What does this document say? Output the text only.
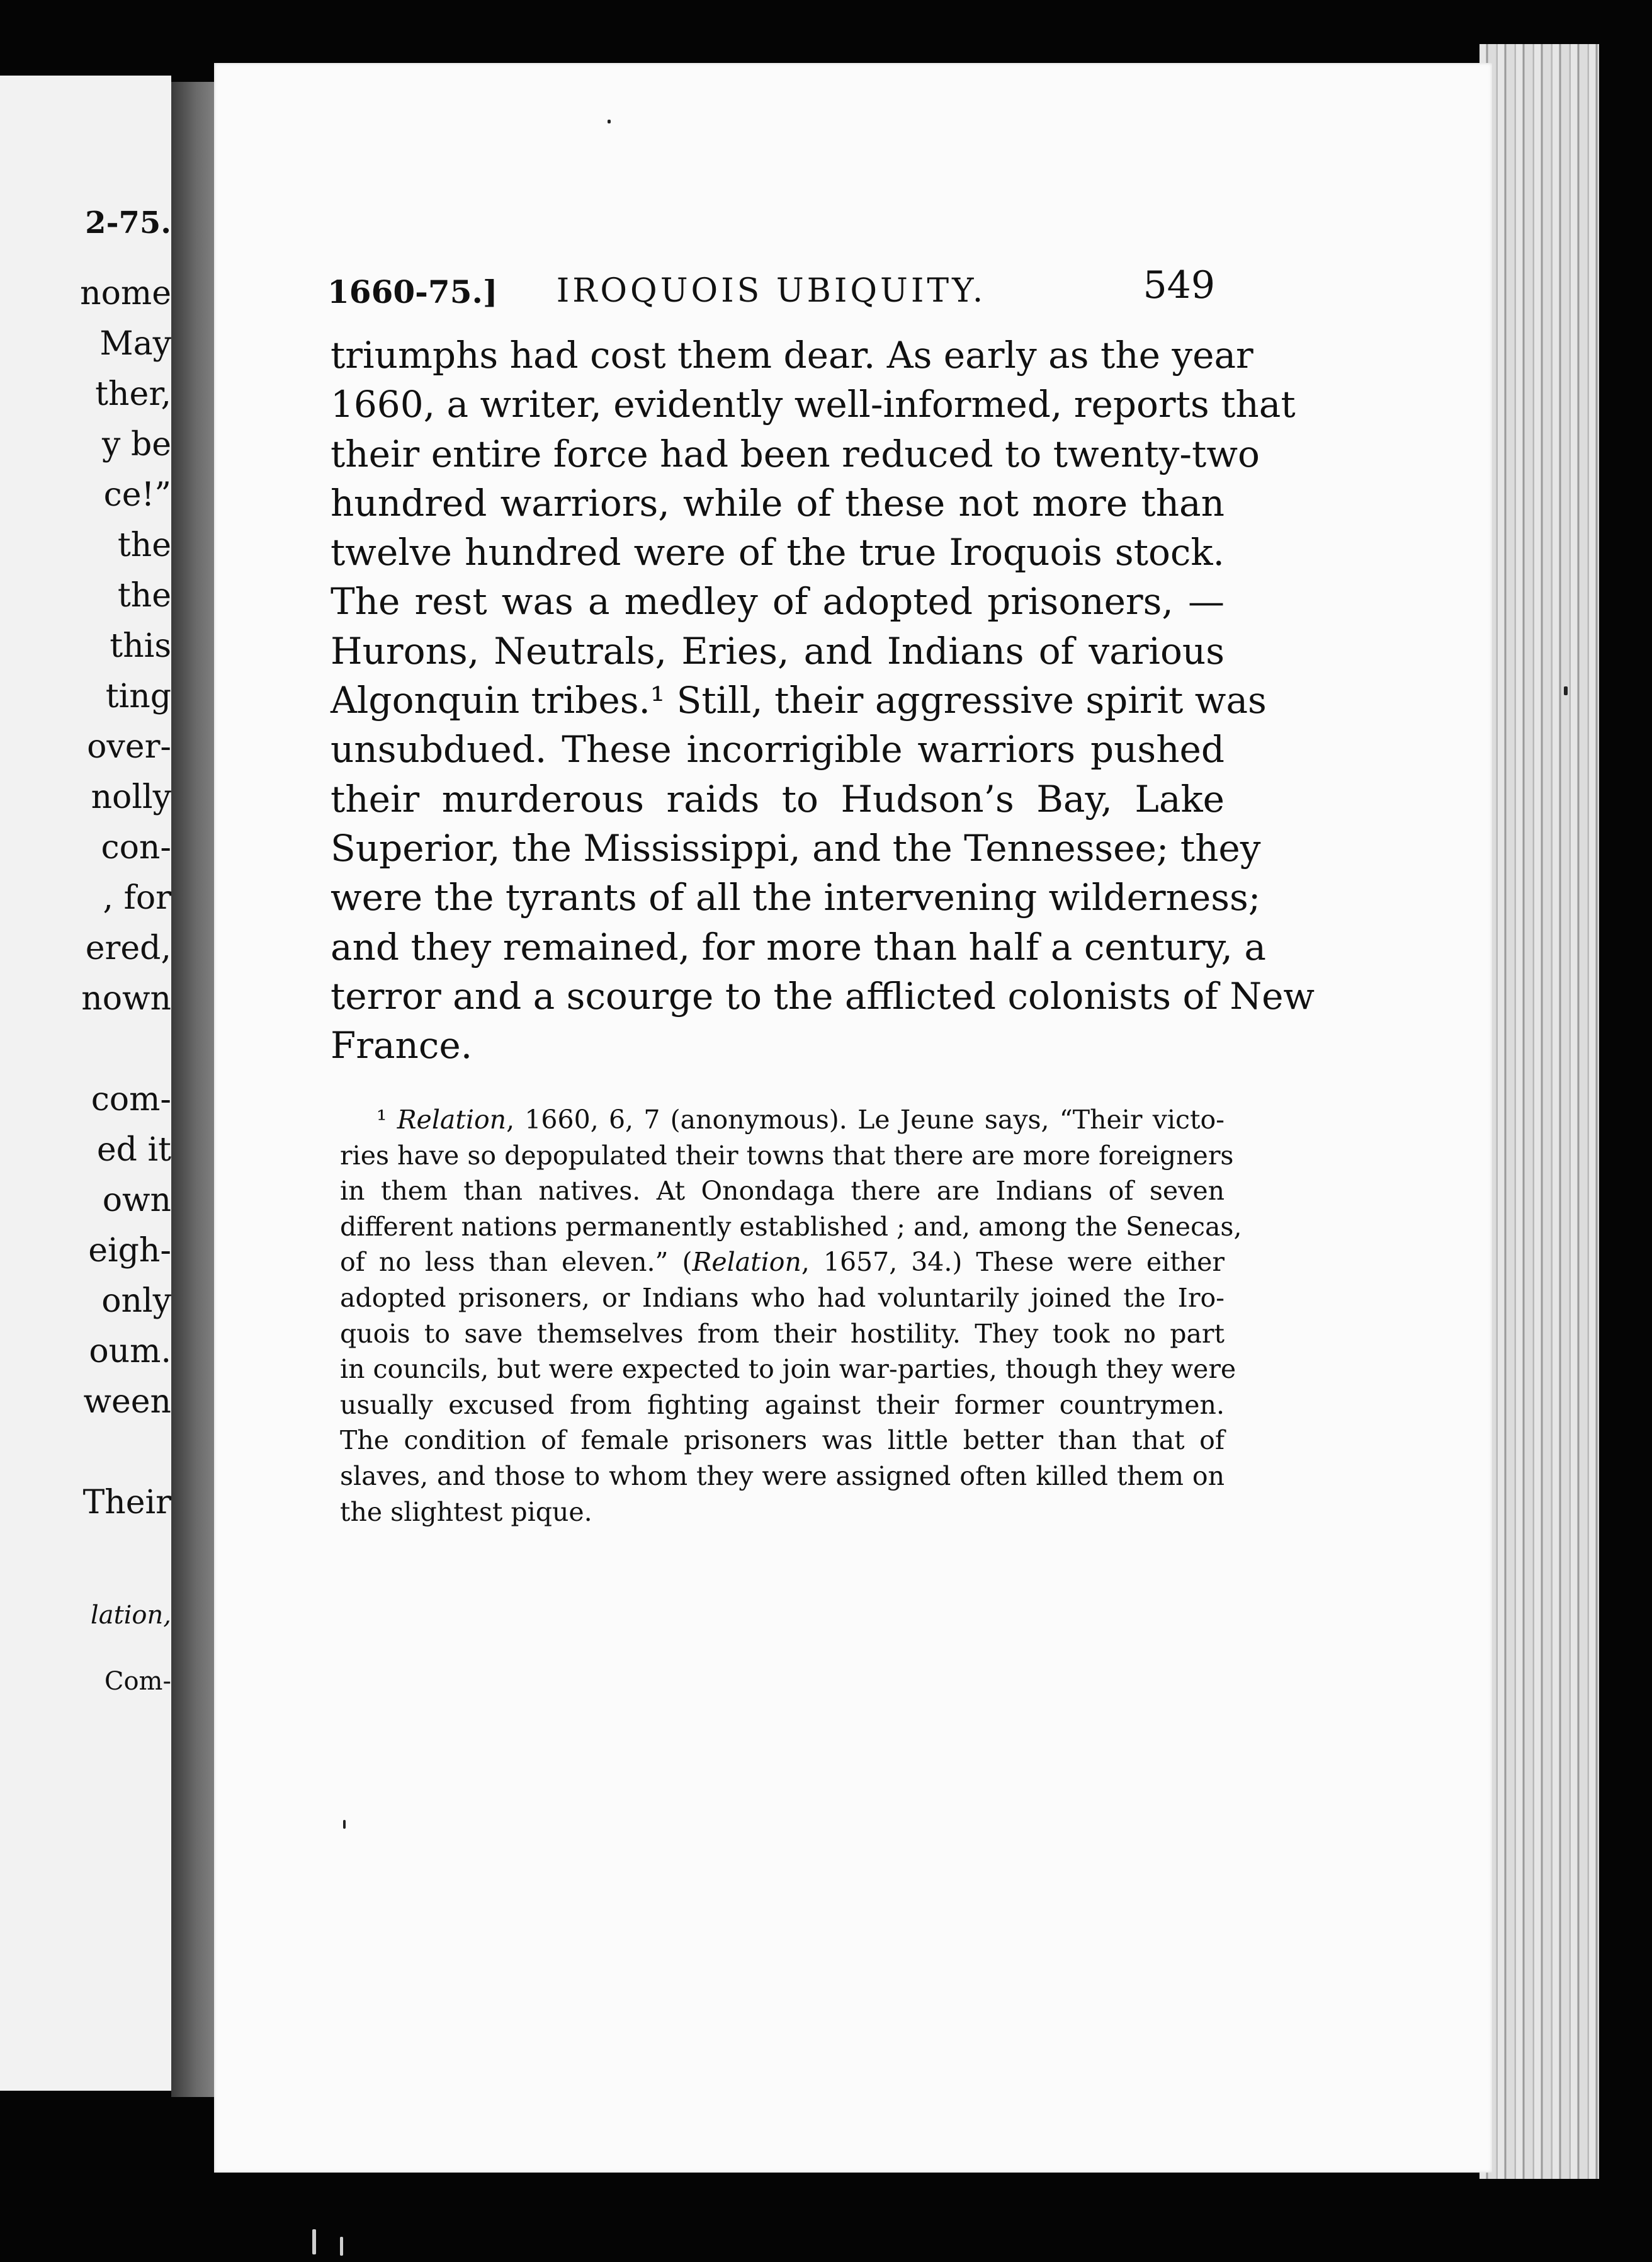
2-75.
nome
May
ther,
y be
ce!”
the
the
this
ting
over-
nolly
con-
, for
ered,
nown
com-
ed it
own
eigh-
only
oum.
ween
Their
lation,
Com-
1660-75.]	IROQUOIS UBIQUITY.	549
triumphs had cost them dear. As early as the year
1660, a writer, evidently well-informed, reports that
their entire force had been reduced to twenty-two
hundred warriors, while of these not more than
twelve hundred were of the true Iroquois stock.
The rest was a medley of adopted prisoners, —
Hurons, Neutrals, Eries, and Indians of various
Algonquin tribes.¹ Still, their aggressive spirit was
unsubdued. These incorrigible warriors pushed
their murderous raids to Hudson’s Bay, Lake
Superior, the Mississippi, and the Tennessee; they
were the tyrants of all the intervening wilderness;
and they remained, for more than half a century, a
terror and a scourge to the afflicted colonists of New
France.
¹ Relation, 1660, 6, 7 (anonymous). Le Jeune says, “Their victo-
ries have so depopulated their towns that there are more foreigners
in them than natives. At Onondaga there are Indians of seven
different nations permanently established ; and, among the Senecas,
of no less than eleven.” (Relation, 1657, 34.) These were either
adopted prisoners, or Indians who had voluntarily joined the Iro-
quois to save themselves from their hostility. They took no part
in councils, but were expected to join war-parties, though they were
usually excused from fighting against their former countrymen.
The condition of female prisoners was little better than that of
slaves, and those to whom they were assigned often killed them on
the slightest pique.
